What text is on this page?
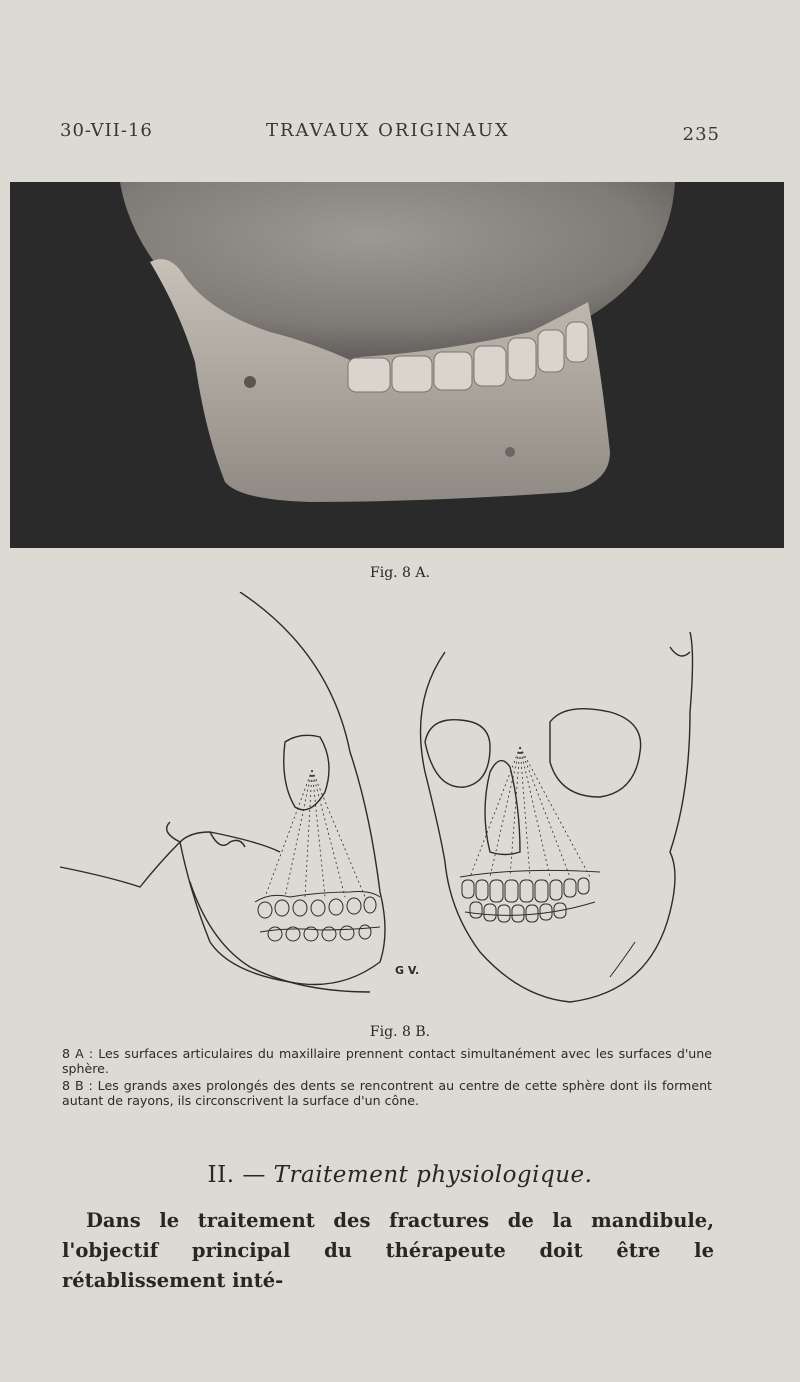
30-VII-16	TRAVAUX ORIGINAUX	235
Fig. 8 A.
G V.
Fig. 8 B.

8 A : Les surfaces articulaires du maxillaire prennent contact simultanément avec les surfaces d'une sphère.

8 B : Les grands axes prolongés des dents se rencontrent au centre de cette sphère dont ils forment autant de rayons, ils circonscrivent la surface d'un cône.

II. — Traitement physiologique.
Dans le traitement des fractures de la mandibule, l'objectif principal du thérapeute doit être le rétablissement inté-
